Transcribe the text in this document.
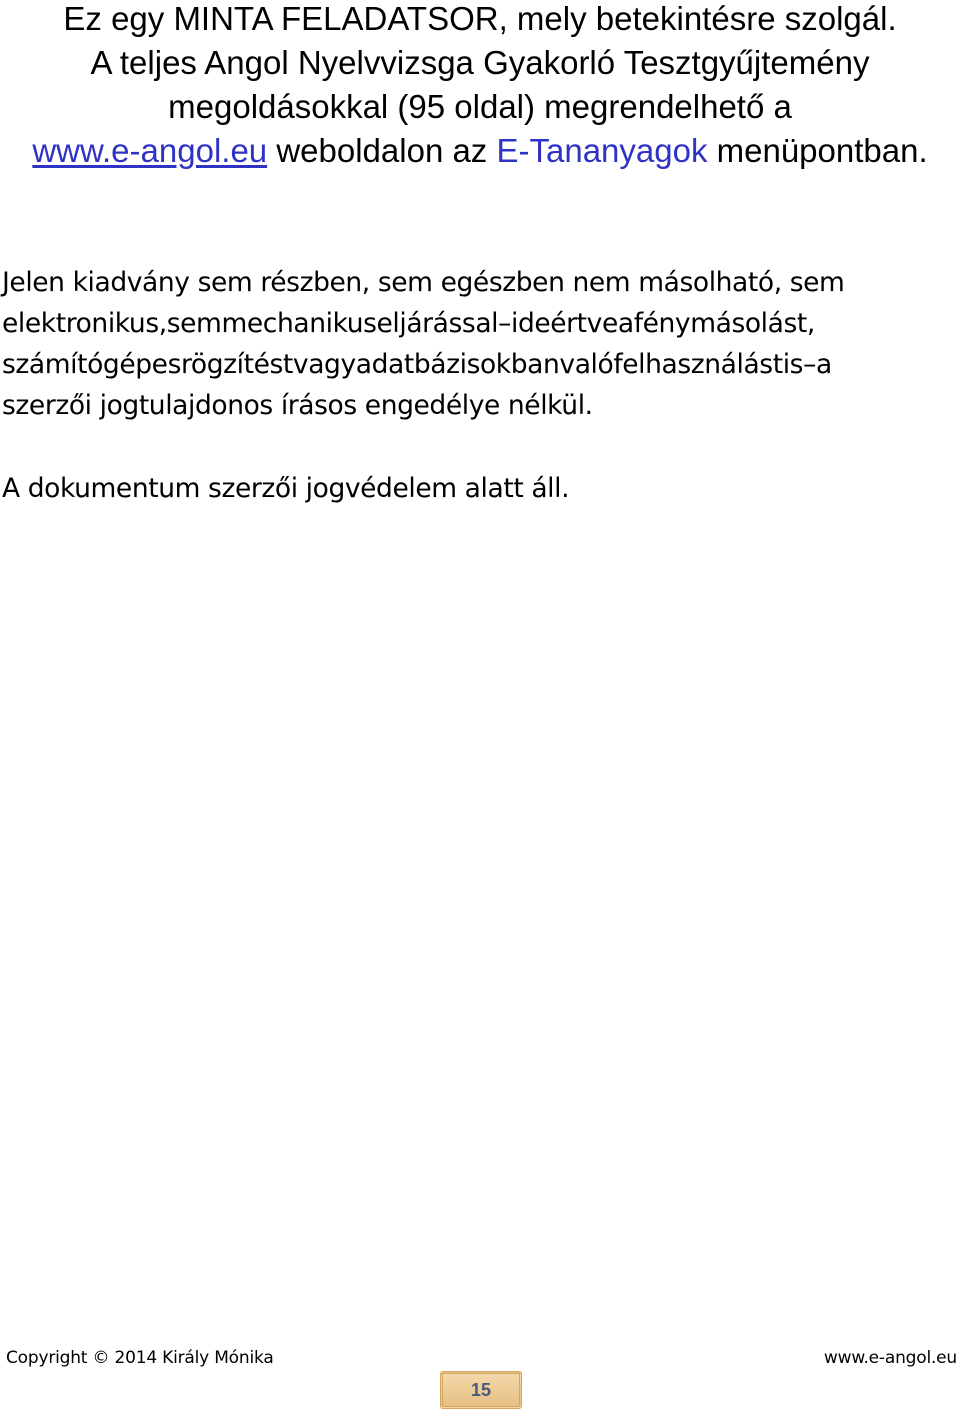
Ez egy MINTA FELADATSOR, mely betekintésre szolgál.
A teljes Angol Nyelvvizsga Gyakorló Tesztgyűjtemény
megoldásokkal (95 oldal) megrendelhető a
www.e-angol.eu weboldalon az E-Tananyagok menüpontban.
Jelen kiadvány sem részben, sem egészben nem másolható, sem
elektronikus,semmechanikuseljárással–ideértveafénymásolást,
számítógépesrögzítéstvagyadatbázisokbanvalófelhasználástis–a
szerzői jogtulajdonos írásos engedélye nélkül.
A dokumentum szerzői jogvédelem alatt áll.
Copyright © 2014 Király Mónika	www.e-angol.eu
15
